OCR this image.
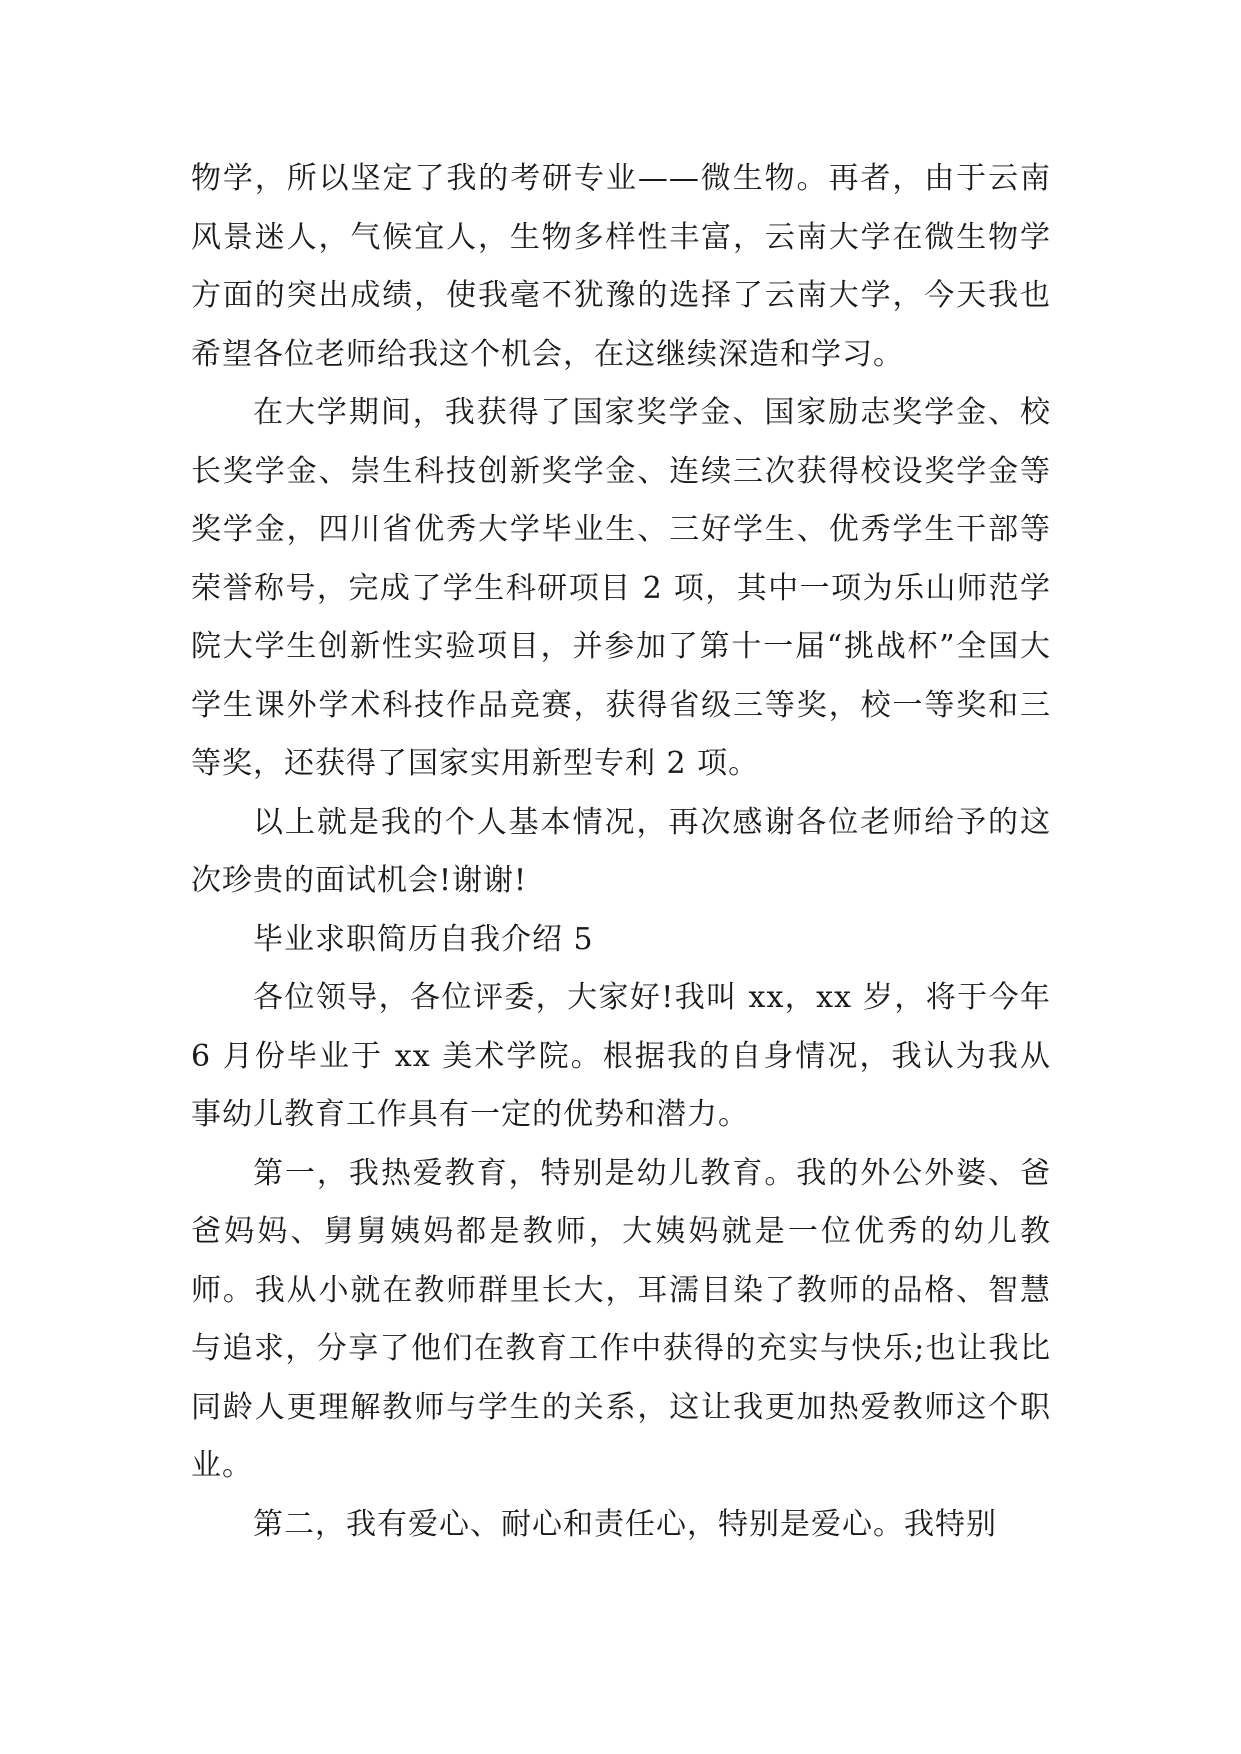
物学，所以坚定了我的考研专业——微生物。再者，由于云南风景迷人，气候宜人，生物多样性丰富，云南大学在微生物学方面的突出成绩，使我毫不犹豫的选择了云南大学，今天我也希望各位老师给我这个机会，在这继续深造和学习。

在大学期间，我获得了国家奖学金、国家励志奖学金、校长奖学金、崇生科技创新奖学金、连续三次获得校设奖学金等奖学金，四川省优秀大学毕业生、三好学生、优秀学生干部等荣誉称号，完成了学生科研项目 2 项，其中一项为乐山师范学院大学生创新性实验项目，并参加了第十一届“挑战杯”全国大学生课外学术科技作品竞赛，获得省级三等奖，校一等奖和三等奖，还获得了国家实用新型专利 2 项。

以上就是我的个人基本情况，再次感谢各位老师给予的这次珍贵的面试机会!谢谢!

毕业求职简历自我介绍 5

各位领导，各位评委，大家好!我叫 xx，xx 岁，将于今年 6 月份毕业于 xx 美术学院。根据我的自身情况，我认为我从事幼儿教育工作具有一定的优势和潜力。

第一，我热爱教育，特别是幼儿教育。我的外公外婆、爸爸妈妈、舅舅姨妈都是教师，大姨妈就是一位优秀的幼儿教师。我从小就在教师群里长大，耳濡目染了教师的品格、智慧与追求，分享了他们在教育工作中获得的充实与快乐;也让我比同龄人更理解教师与学生的关系，这让我更加热爱教师这个职业。

第二，我有爱心、耐心和责任心，特别是爱心。我特别
